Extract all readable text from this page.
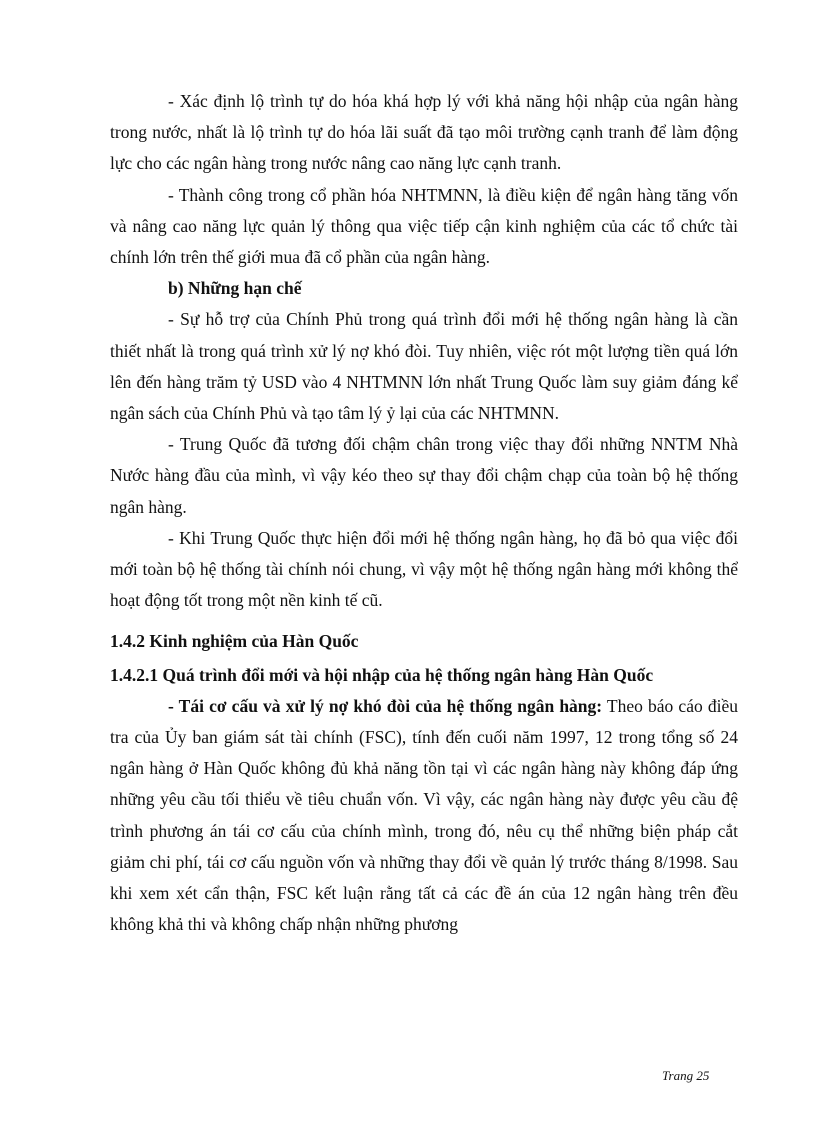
- Xác định lộ trình tự do hóa khá hợp lý với khả năng hội nhập của ngân hàng trong nước, nhất là lộ trình tự do hóa lãi suất đã tạo môi trường cạnh tranh để làm động lực cho các ngân hàng trong nước nâng cao năng lực cạnh tranh.

- Thành công trong cổ phần hóa NHTMNN, là điều kiện để ngân hàng tăng vốn và nâng cao năng lực quản lý thông qua việc tiếp cận kinh nghiệm của các tổ chức tài chính lớn trên thế giới mua đã cổ phần của ngân hàng.

b) Những hạn chế

- Sự hỗ trợ của Chính Phủ trong quá trình đổi mới hệ thống ngân hàng là cần thiết nhất là trong quá trình xử lý nợ khó đòi. Tuy nhiên, việc rót một lượng tiền quá lớn lên đến hàng trăm tỷ USD vào 4 NHTMNN lớn nhất Trung Quốc làm suy giảm đáng kể ngân sách của Chính Phủ và tạo tâm lý ỷ lại của các NHTMNN.

- Trung Quốc đã tương đối chậm chân trong việc thay đổi những NNTM Nhà Nước hàng đầu của mình, vì vậy kéo theo sự thay đổi chậm chạp của toàn bộ hệ thống ngân hàng.

- Khi Trung Quốc thực hiện đổi mới hệ thống ngân hàng, họ đã bỏ qua việc đổi mới toàn bộ hệ thống tài chính nói chung, vì vậy một hệ thống ngân hàng mới không thể hoạt động tốt trong một nền kinh tế cũ.

1.4.2 Kinh nghiệm của Hàn Quốc

1.4.2.1 Quá trình đổi mới và hội nhập của hệ thống ngân hàng Hàn Quốc

- Tái cơ cấu và xử lý nợ khó đòi của hệ thống ngân hàng: Theo báo cáo điều tra của Ủy ban giám sát tài chính (FSC), tính đến cuối năm 1997, 12 trong tổng số 24 ngân hàng ở Hàn Quốc không đủ khả năng tồn tại vì các ngân hàng này không đáp ứng những yêu cầu tối thiểu về tiêu chuẩn vốn. Vì vậy, các ngân hàng này được yêu cầu đệ trình phương án tái cơ cấu của chính mình, trong đó, nêu cụ thể những biện pháp cắt giảm chi phí, tái cơ cấu nguồn vốn và những thay đổi về quản lý trước tháng 8/1998. Sau khi xem xét cẩn thận, FSC kết luận rằng tất cả các đề án của 12 ngân hàng trên đều không khả thi và không chấp nhận những phương

Trang 25
